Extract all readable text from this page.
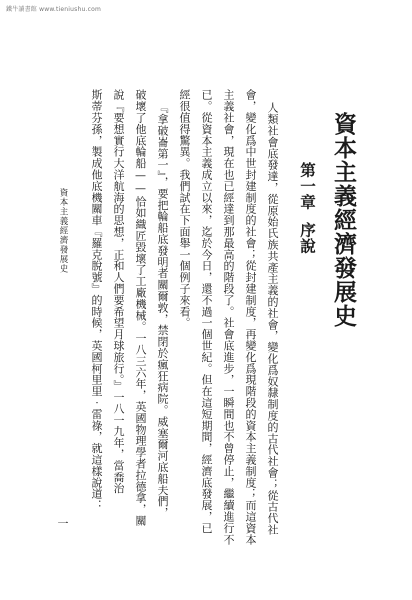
鐵牛讀書館 www.tieniushu.com
資本主義經濟發展史
第一章序說
人類社會底發達，從原始氏族共產主義的社會，變化爲奴隸制度的古代社會；從古代社
會，變化爲中世封建制度的社會；從封建制度，再變化爲現階段的資本主義制度；而這資本
主義社會，現在也已經達到那最高的階段了。社會底進步，一瞬間也不曾停止，繼續進行不
已。從資本主義成立以來，迄於今日，還不過一個世紀。但在這短期間，經濟底發展，已
經很值得驚異。我們試在下面舉一個例子來看。
『拿破崙第一』，要把輪船底發明者關爾敦，禁閉於瘋狂病院。威塞爾河底船夫們，
破壞了他底輪船——恰如織匠毀壞了工廠機械。一八三六年，英國物理學者拉德拿，關
說『要想實行大洋航海的思想，正和人們要希望月球旅行。』一八一九年，當喬治
斯蒂芬孫，製成他底機關車『羅克脫號』的時候，英國柯里里‧雷祿，就這樣說道：
資本主義經濟發展史
一
